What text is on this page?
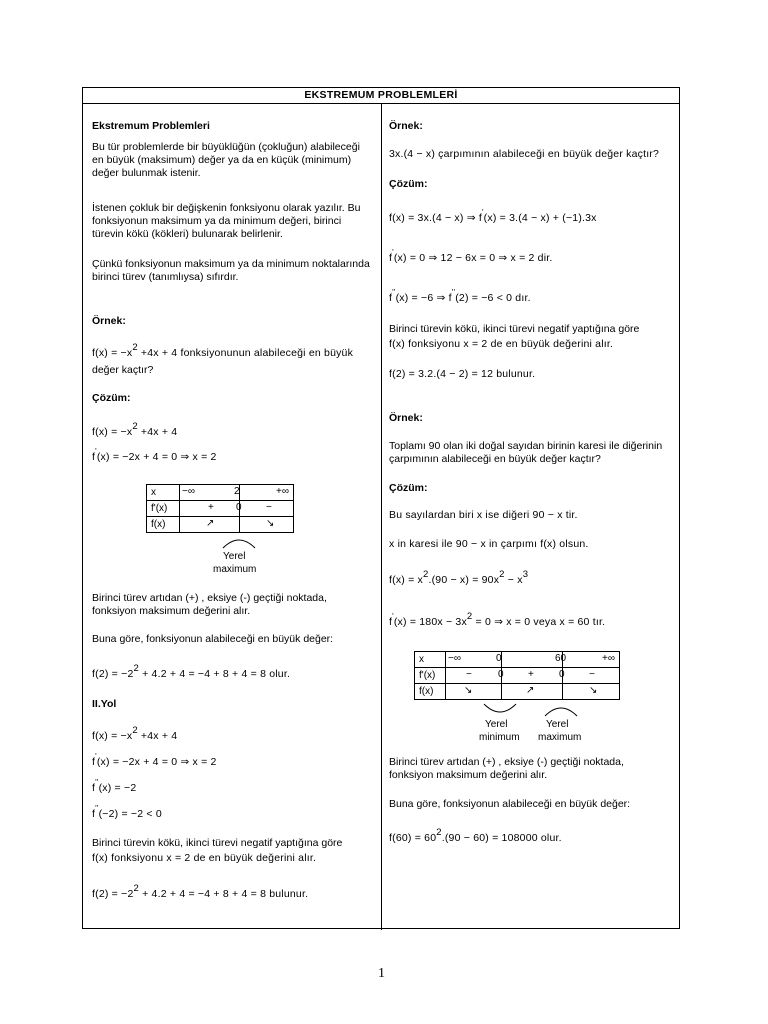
EKSTREMUM PROBLEMLERİ
Ekstremum Problemleri
Bu tür problemlerde bir büyüklüğün (çokluğun) alabileceği
en büyük (maksimum) değer ya da en küçük (minimum)
değer bulunmak istenir.
İstenen çokluk bir değişkenin fonksiyonu olarak yazılır. Bu
fonksiyonun maksimum ya da minimum değeri, birinci
türevin kökü (kökleri) bulunarak belirlenir.
Çünkü fonksiyonun maksimum ya da minimum noktalarında
birinci türev (tanımlıysa) sıfırdır.
Örnek:
f(x) = −x2 +4x + 4 fonksiyonunun alabileceği en büyük
değer kaçtır?
Çözüm:
f(x) = −x2 +4x + 4
f'(x) = −2x + 4 = 0 ⇒ x = 2
x	−∞ 2 +∞

f'(x)	+ 0 −

f(x)	↗ ↘
Yerel
maximum
Birinci türev artıdan (+) , eksiye (-) geçtiği noktada,
fonksiyon maksimum değerini alır.
Buna göre, fonksiyonun alabileceği en büyük değer:
f(2) = −22 + 4.2 + 4 = −4 + 8 + 4 = 8 olur.
II.Yol
f(x) = −x2 +4x + 4
f'(x) = −2x + 4 = 0 ⇒ x = 2
f''(x) = −2
f''(−2) = −2 < 0
Birinci türevin kökü, ikinci türevi negatif yaptığına göre
f(x) fonksiyonu x = 2 de en büyük değerini alır.
f(2) = −22 + 4.2 + 4 = −4 + 8 + 4 = 8 bulunur.
Örnek:
3x.(4 − x) çarpımının alabileceği en büyük değer kaçtır?
Çözüm:
f(x) = 3x.(4 − x) ⇒ f'(x) = 3.(4 − x) + (−1).3x
f'(x) = 0 ⇒ 12 − 6x = 0 ⇒ x = 2 dir.
f''(x) = −6 ⇒ f''(2) = −6 < 0 dır.
Birinci türevin kökü, ikinci türevi negatif yaptığına göre
f(x) fonksiyonu x = 2 de en büyük değerini alır.
f(2) = 3.2.(4 − 2) = 12 bulunur.
Örnek:
Toplamı 90 olan iki doğal sayıdan birinin karesi ile diğerinin
çarpımının alabileceği en büyük değer kaçtır?
Çözüm:
Bu sayılardan biri x ise diğeri 90 − x tir.
x in karesi ile 90 − x in çarpımı f(x) olsun.
f(x) = x2.(90 − x) = 90x2 − x3
f'(x) = 180x − 3x2 = 0 ⇒ x = 0 veya x = 60 tır.
x	−∞ 0 60 +∞

f'(x)	− 0 + 0 −

f(x)	↘ ↗ ↘
Yerel
minimum
Yerel
maximum
Birinci türev artıdan (+) , eksiye (-) geçtiği noktada,
fonksiyon maksimum değerini alır.
Buna göre, fonksiyonun alabileceği en büyük değer:
f(60) = 602.(90 − 60) = 108000 olur.
1
